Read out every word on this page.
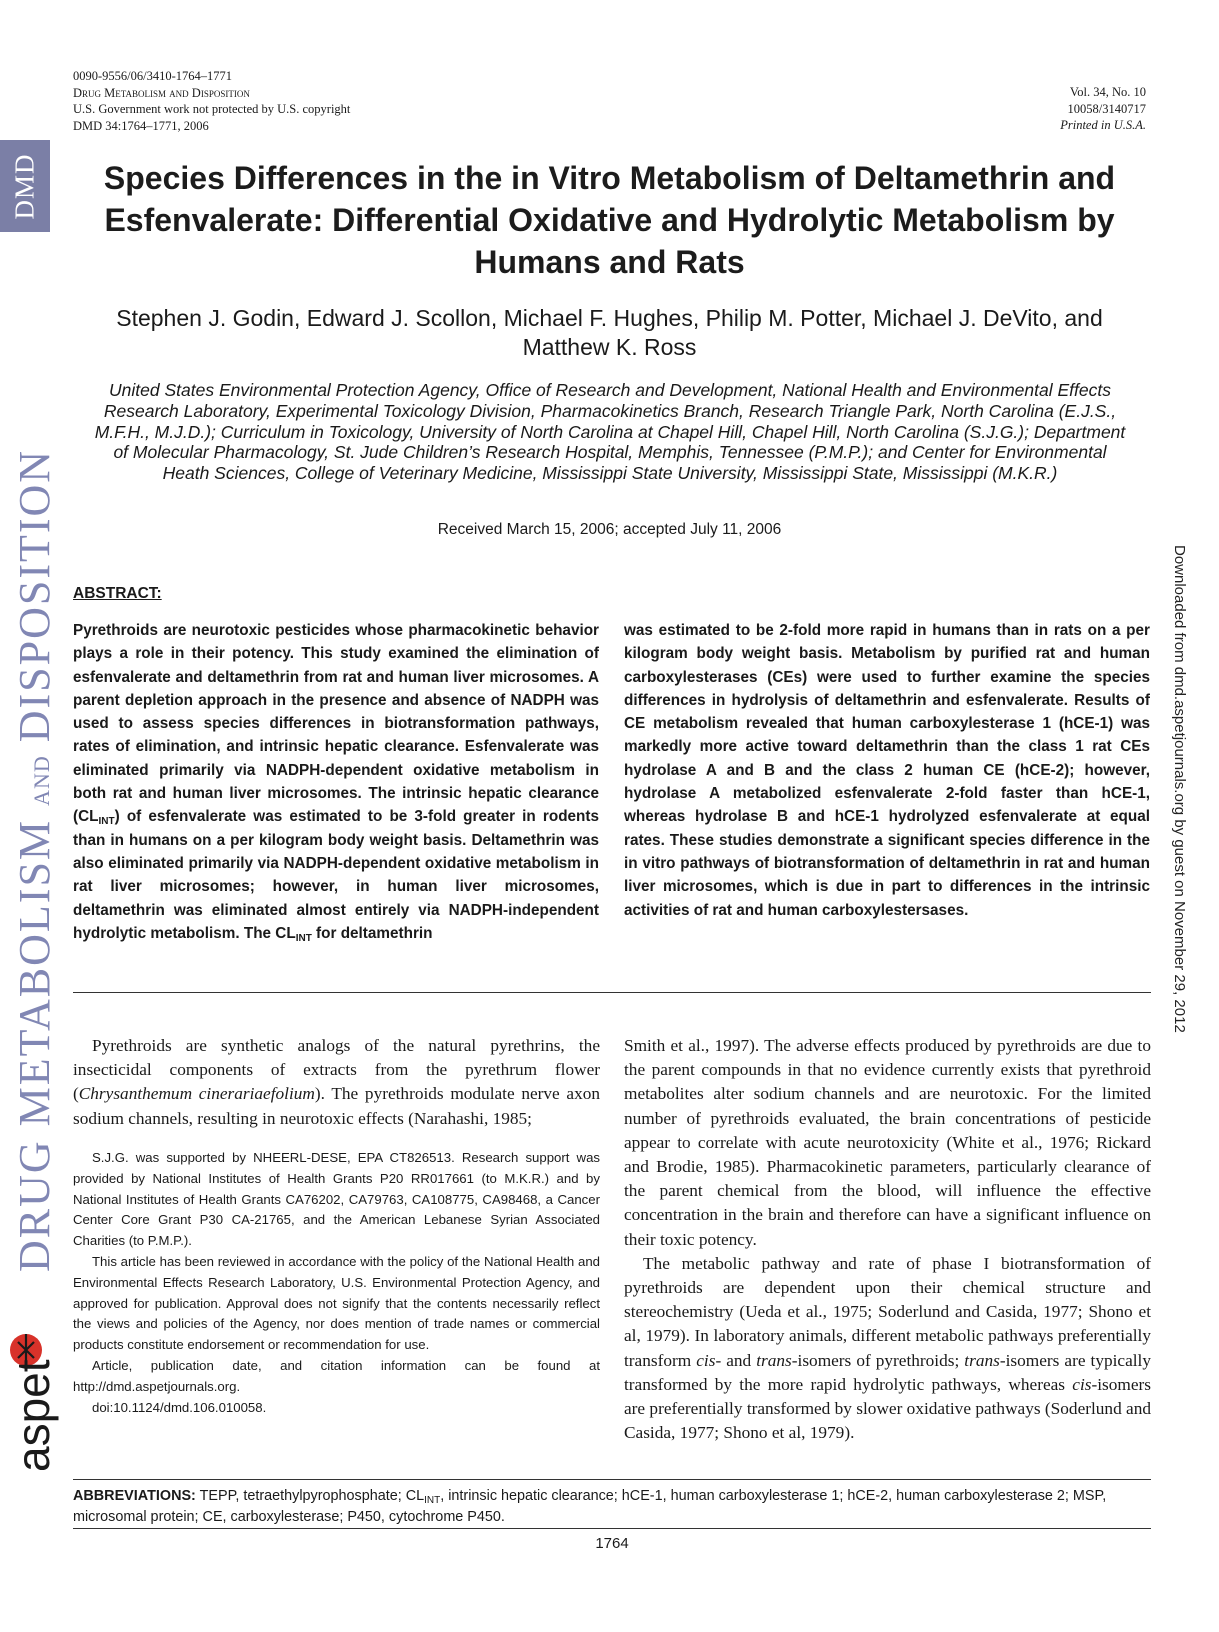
0090-9556/06/3410-1764–1771
Drug Metabolism and Disposition
U.S. Government work not protected by U.S. copyright
DMD 34:1764–1771, 2006
Vol. 34, No. 10
10058/3140717
Printed in U.S.A.
DMD
DRUG METABOLISM AND DISPOSITION
aspet
Downloaded from dmd.aspetjournals.org by guest on November 29, 2012
Species Differences in the in Vitro Metabolism of Deltamethrin and Esfenvalerate: Differential Oxidative and Hydrolytic Metabolism by Humans and Rats
Stephen J. Godin, Edward J. Scollon, Michael F. Hughes, Philip M. Potter, Michael J. DeVito, and Matthew K. Ross
United States Environmental Protection Agency, Office of Research and Development, National Health and Environmental Effects Research Laboratory, Experimental Toxicology Division, Pharmacokinetics Branch, Research Triangle Park, North Carolina (E.J.S., M.F.H., M.J.D.); Curriculum in Toxicology, University of North Carolina at Chapel Hill, Chapel Hill, North Carolina (S.J.G.); Department of Molecular Pharmacology, St. Jude Children’s Research Hospital, Memphis, Tennessee (P.M.P.); and Center for Environmental Heath Sciences, College of Veterinary Medicine, Mississippi State University, Mississippi State, Mississippi (M.K.R.)
Received March 15, 2006; accepted July 11, 2006
ABSTRACT:
Pyrethroids are neurotoxic pesticides whose pharmacokinetic behavior plays a role in their potency. This study examined the elimination of esfenvalerate and deltamethrin from rat and human liver microsomes. A parent depletion approach in the presence and absence of NADPH was used to assess species differences in biotransformation pathways, rates of elimination, and intrinsic hepatic clearance. Esfenvalerate was eliminated primarily via NADPH-dependent oxidative metabolism in both rat and human liver microsomes. The intrinsic hepatic clearance $(CL_{INT})$ of esfenvalerate was estimated to be 3-fold greater in rodents than in humans on a per kilogram body weight basis. Deltamethrin was also eliminated primarily via NADPH-dependent oxidative metabolism in rat liver microsomes; however, in human liver microsomes, deltamethrin was eliminated almost entirely via NADPH-independent hydrolytic metabolism. The $CL_{INT}$ for deltamethrin
was estimated to be 2-fold more rapid in humans than in rats on a per kilogram body weight basis. Metabolism by purified rat and human carboxylesterases (CEs) were used to further examine the species differences in hydrolysis of deltamethrin and esfenvalerate. Results of CE metabolism revealed that human carboxylesterase 1 (hCE-1) was markedly more active toward deltamethrin than the class 1 rat CEs hydrolase A and B and the class 2 human CE (hCE-2); however, hydrolase A metabolized esfenvalerate 2-fold faster than hCE-1, whereas hydrolase B and hCE-1 hydrolyzed esfenvalerate at equal rates. These studies demonstrate a significant species difference in the in vitro pathways of biotransformation of deltamethrin in rat and human liver microsomes, which is due in part to differences in the intrinsic activities of rat and human carboxylestersases.

Pyrethroids are synthetic analogs of the natural pyrethrins, the insecticidal components of extracts from the pyrethrum flower (Chrysanthemum cinerariaefolium). The pyrethroids modulate nerve axon sodium channels, resulting in neurotoxic effects (Narahashi, 1985;

S.J.G. was supported by NHEERL-DESE, EPA CT826513. Research support was provided by National Institutes of Health Grants P20 RR017661 (to M.K.R.) and by National Institutes of Health Grants CA76202, CA79763, CA108775, CA98468, a Cancer Center Core Grant P30 CA-21765, and the American Lebanese Syrian Associated Charities (to P.M.P.).

This article has been reviewed in accordance with the policy of the National Health and Environmental Effects Research Laboratory, U.S. Environmental Protection Agency, and approved for publication. Approval does not signify that the contents necessarily reflect the views and policies of the Agency, nor does mention of trade names or commercial products constitute endorsement or recommendation for use.

Article, publication date, and citation information can be found at http://dmd.aspetjournals.org.

doi:10.1124/dmd.106.010058.

Smith et al., 1997). The adverse effects produced by pyrethroids are due to the parent compounds in that no evidence currently exists that pyrethroid metabolites alter sodium channels and are neurotoxic. For the limited number of pyrethroids evaluated, the brain concentrations of pesticide appear to correlate with acute neurotoxicity (White et al., 1976; Rickard and Brodie, 1985). Pharmacokinetic parameters, particularly clearance of the parent chemical from the blood, will influence the effective concentration in the brain and therefore can have a significant influence on their toxic potency.

The metabolic pathway and rate of phase I biotransformation of pyrethroids are dependent upon their chemical structure and stereochemistry (Ueda et al., 1975; Soderlund and Casida, 1977; Shono et al, 1979). In laboratory animals, different metabolic pathways preferentially transform cis- and trans-isomers of pyrethroids; trans-isomers are typically transformed by the more rapid hydrolytic pathways, whereas cis-isomers are preferentially transformed by slower oxidative pathways (Soderlund and Casida, 1977; Shono et al, 1979).

ABBREVIATIONS: TEPP, tetraethylpyrophosphate; $CL_{INT}$, intrinsic hepatic clearance; hCE-1, human carboxylesterase 1; hCE-2, human carboxylesterase 2; MSP, microsomal protein; CE, carboxylesterase; P450, cytochrome P450.
1764
